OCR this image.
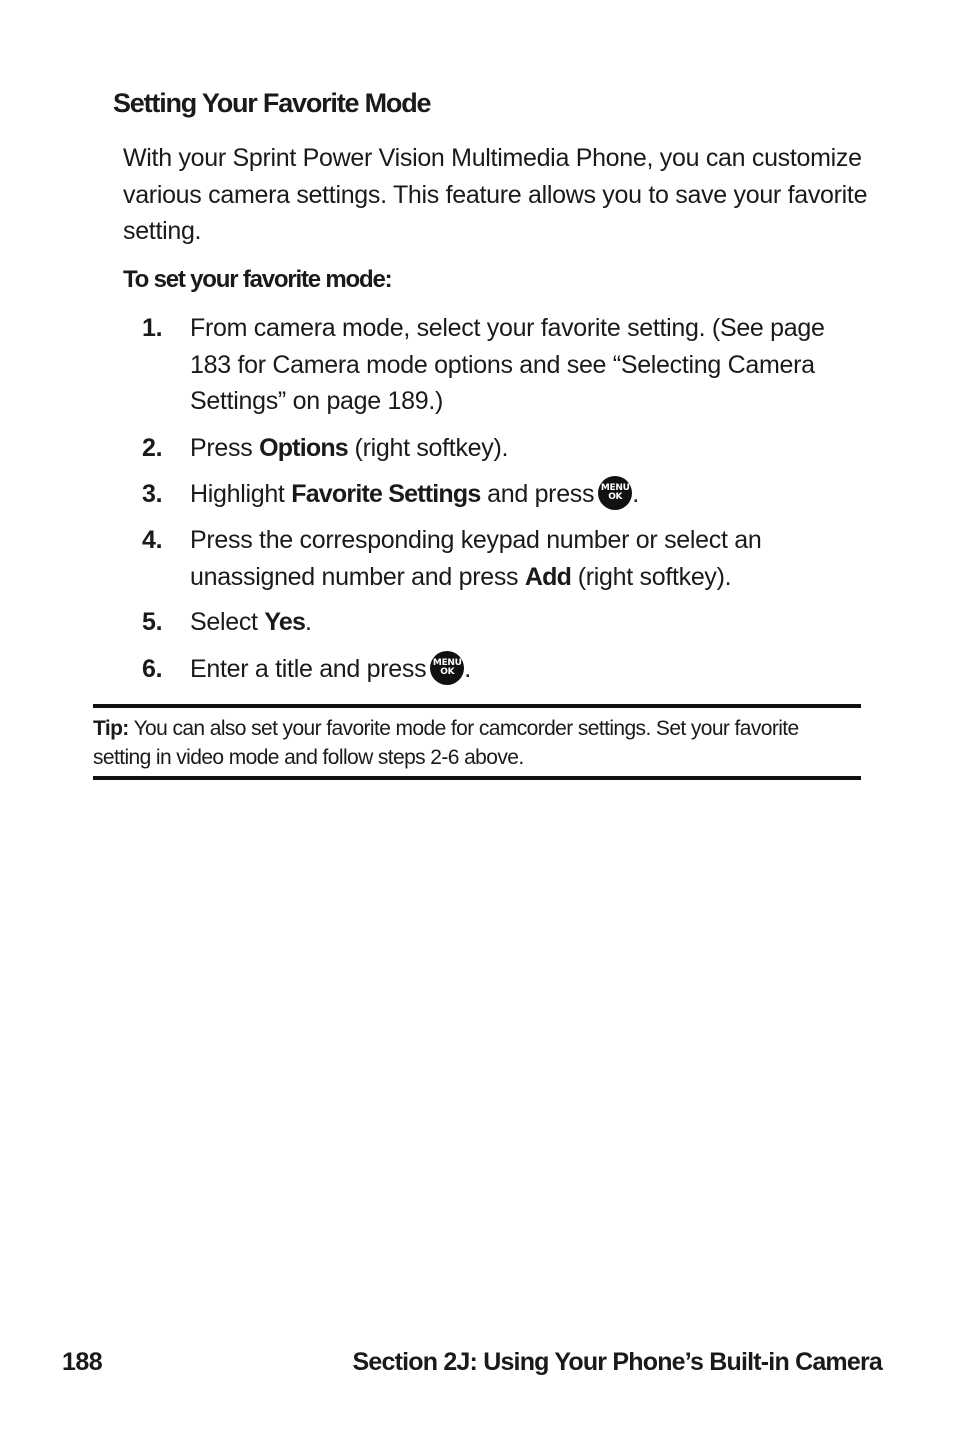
Setting Your Favorite Mode

With your Sprint Power Vision Multimedia Phone, you can customize various camera settings. This feature allows you to save your favorite setting.

To set your favorite mode:

1.	From camera mode, select your favorite setting. (See page 183 for Camera mode options and see “Selecting Camera Settings” on page 189.)
2.	Press Options (right softkey).
3.	Highlight Favorite Settings and press MENU
OK .
4.	Press the corresponding keypad number or select an unassigned number and press Add (right softkey).
5.	Select Yes.
6.	Enter a title and press MENU
OK .

Tip: You can also set your favorite mode for camcorder settings. Set your favorite setting in video mode and follow steps 2-6 above.

188	Section 2J: Using Your Phone’s Built-in Camera
